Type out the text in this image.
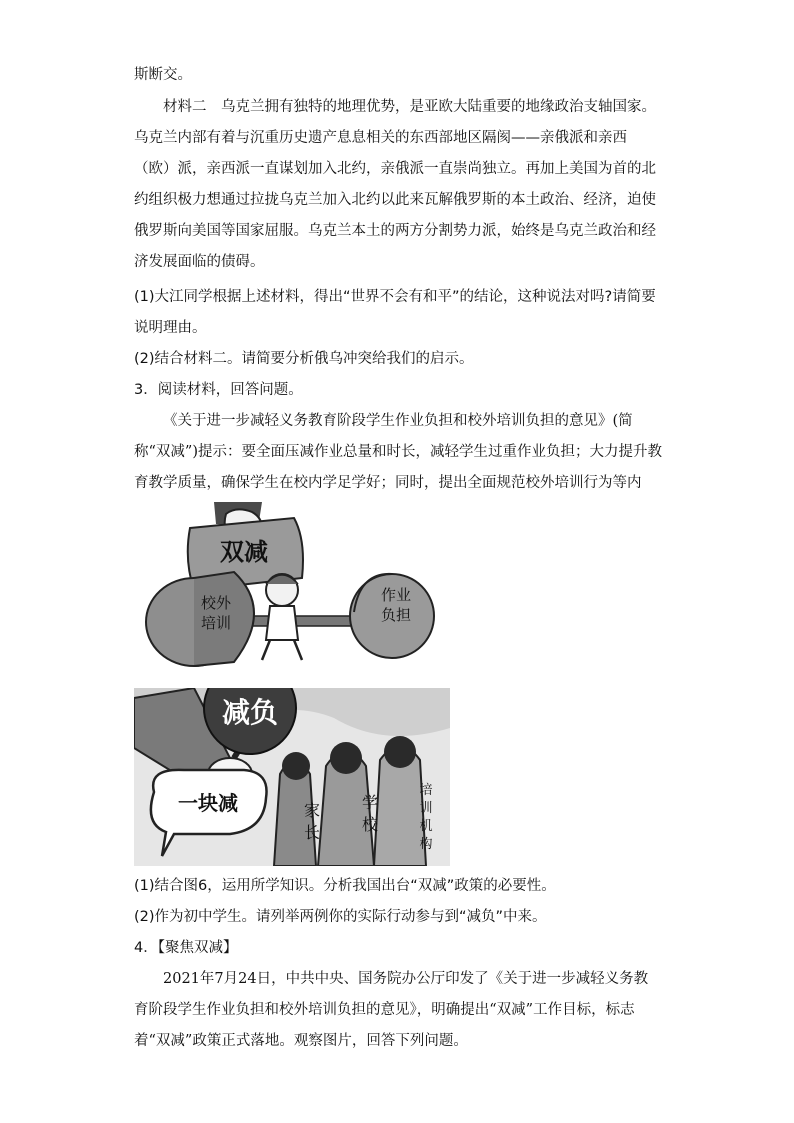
斯断交。

材料二　 乌克兰拥有独特的地理优势，是亚欧大陆重要的地缘政治支轴国家。乌克兰内部有着与沉重历史遗产息息相关的东西部地区隔阂——亲俄派和亲西（欧）派，亲西派一直谋划加入北约，亲俄派一直崇尚独立。再加上美国为首的北约组织极力想通过拉拢乌克兰加入北约以此来瓦解俄罗斯的本土政治、经济，迫使俄罗斯向美国等国家屈服。乌克兰本土的两方分割势力派，始终是乌克兰政治和经济发展面临的债碍。

(1)大江同学根据上述材料，得出“世界不会有和平”的结论，这种说法对吗?请简要说明理由。

(2)结合材料二。请简要分析俄乌冲突给我们的启示。

3．阅读材料，回答问题。

《关于进一步减轻义务教育阶段学生作业负担和校外培训负担的意见》(简称“双减”)提示：要全面压减作业总量和时长，减轻学生过重作业负担；大力提升教育教学质量，确保学生在校内学足学好；同时，提出全面规范校外培训行为等内

双减
校外培训
作业负担
减负
一块减	家长
学校
培训机构

(1)结合图6，运用所学知识。分析我国出台“双减”政策的必要性。

(2)作为初中学生。请列举两例你的实际行动参与到“减负”中来。

4．【聚焦双减】

2021年7月24日，中共中央、国务院办公厅印发了《关于进一步减轻义务教育阶段学生作业负担和校外培训负担的意见》，明确提出“双减”工作目标，标志着“双减”政策正式落地。观察图片，回答下列问题。
